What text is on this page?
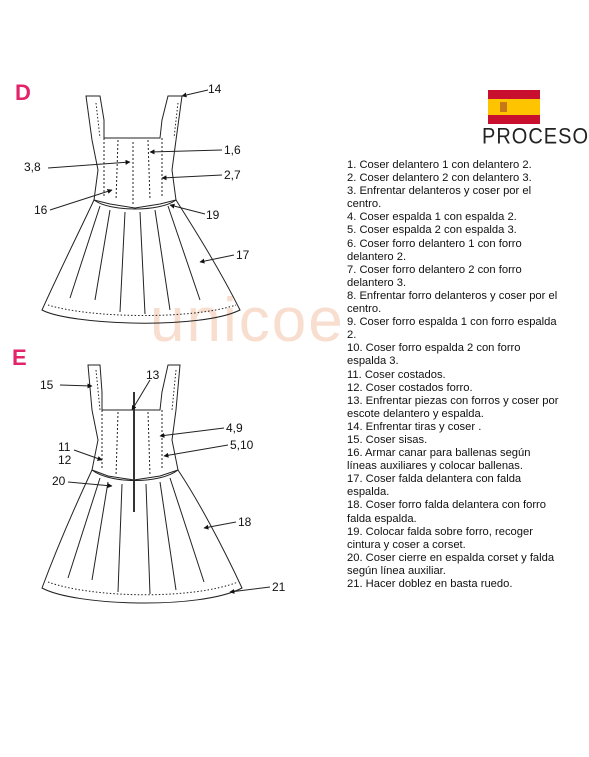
unicoe
D
E
14
1,6
3,8
2,7
16	19
17
15
13
4,9
5,10
11
12
20
18
21
PROCESO
1. Coser delantero 1 con delantero 2.
2. Coser delantero 2 con delantero 3.
3. Enfrentar delanteros y coser por el centro.
4. Coser espalda 1 con espalda 2.
5. Coser espalda 2 con espalda 3.
6. Coser forro delantero 1 con forro delantero 2.
7. Coser forro delantero 2 con forro delantero 3.
8. Enfrentar forro delanteros y coser por el centro.
9. Coser forro espalda 1 con forro espalda 2.
10. Coser forro espalda 2 con forro espalda 3.
11. Coser costados.
12. Coser costados forro.
13. Enfrentar piezas con forros y coser por escote delantero y espalda.
14. Enfrentar tiras y coser .
15. Coser sisas.
16. Armar canar para ballenas según líneas auxiliares y colocar ballenas.
17. Coser falda delantera con falda espalda.
18. Coser forro falda delantera con forro falda espalda.
19. Colocar falda sobre forro, recoger cintura y coser a corset.
20. Coser cierre en espalda corset y falda según línea auxiliar.
21. Hacer doblez en basta ruedo.
